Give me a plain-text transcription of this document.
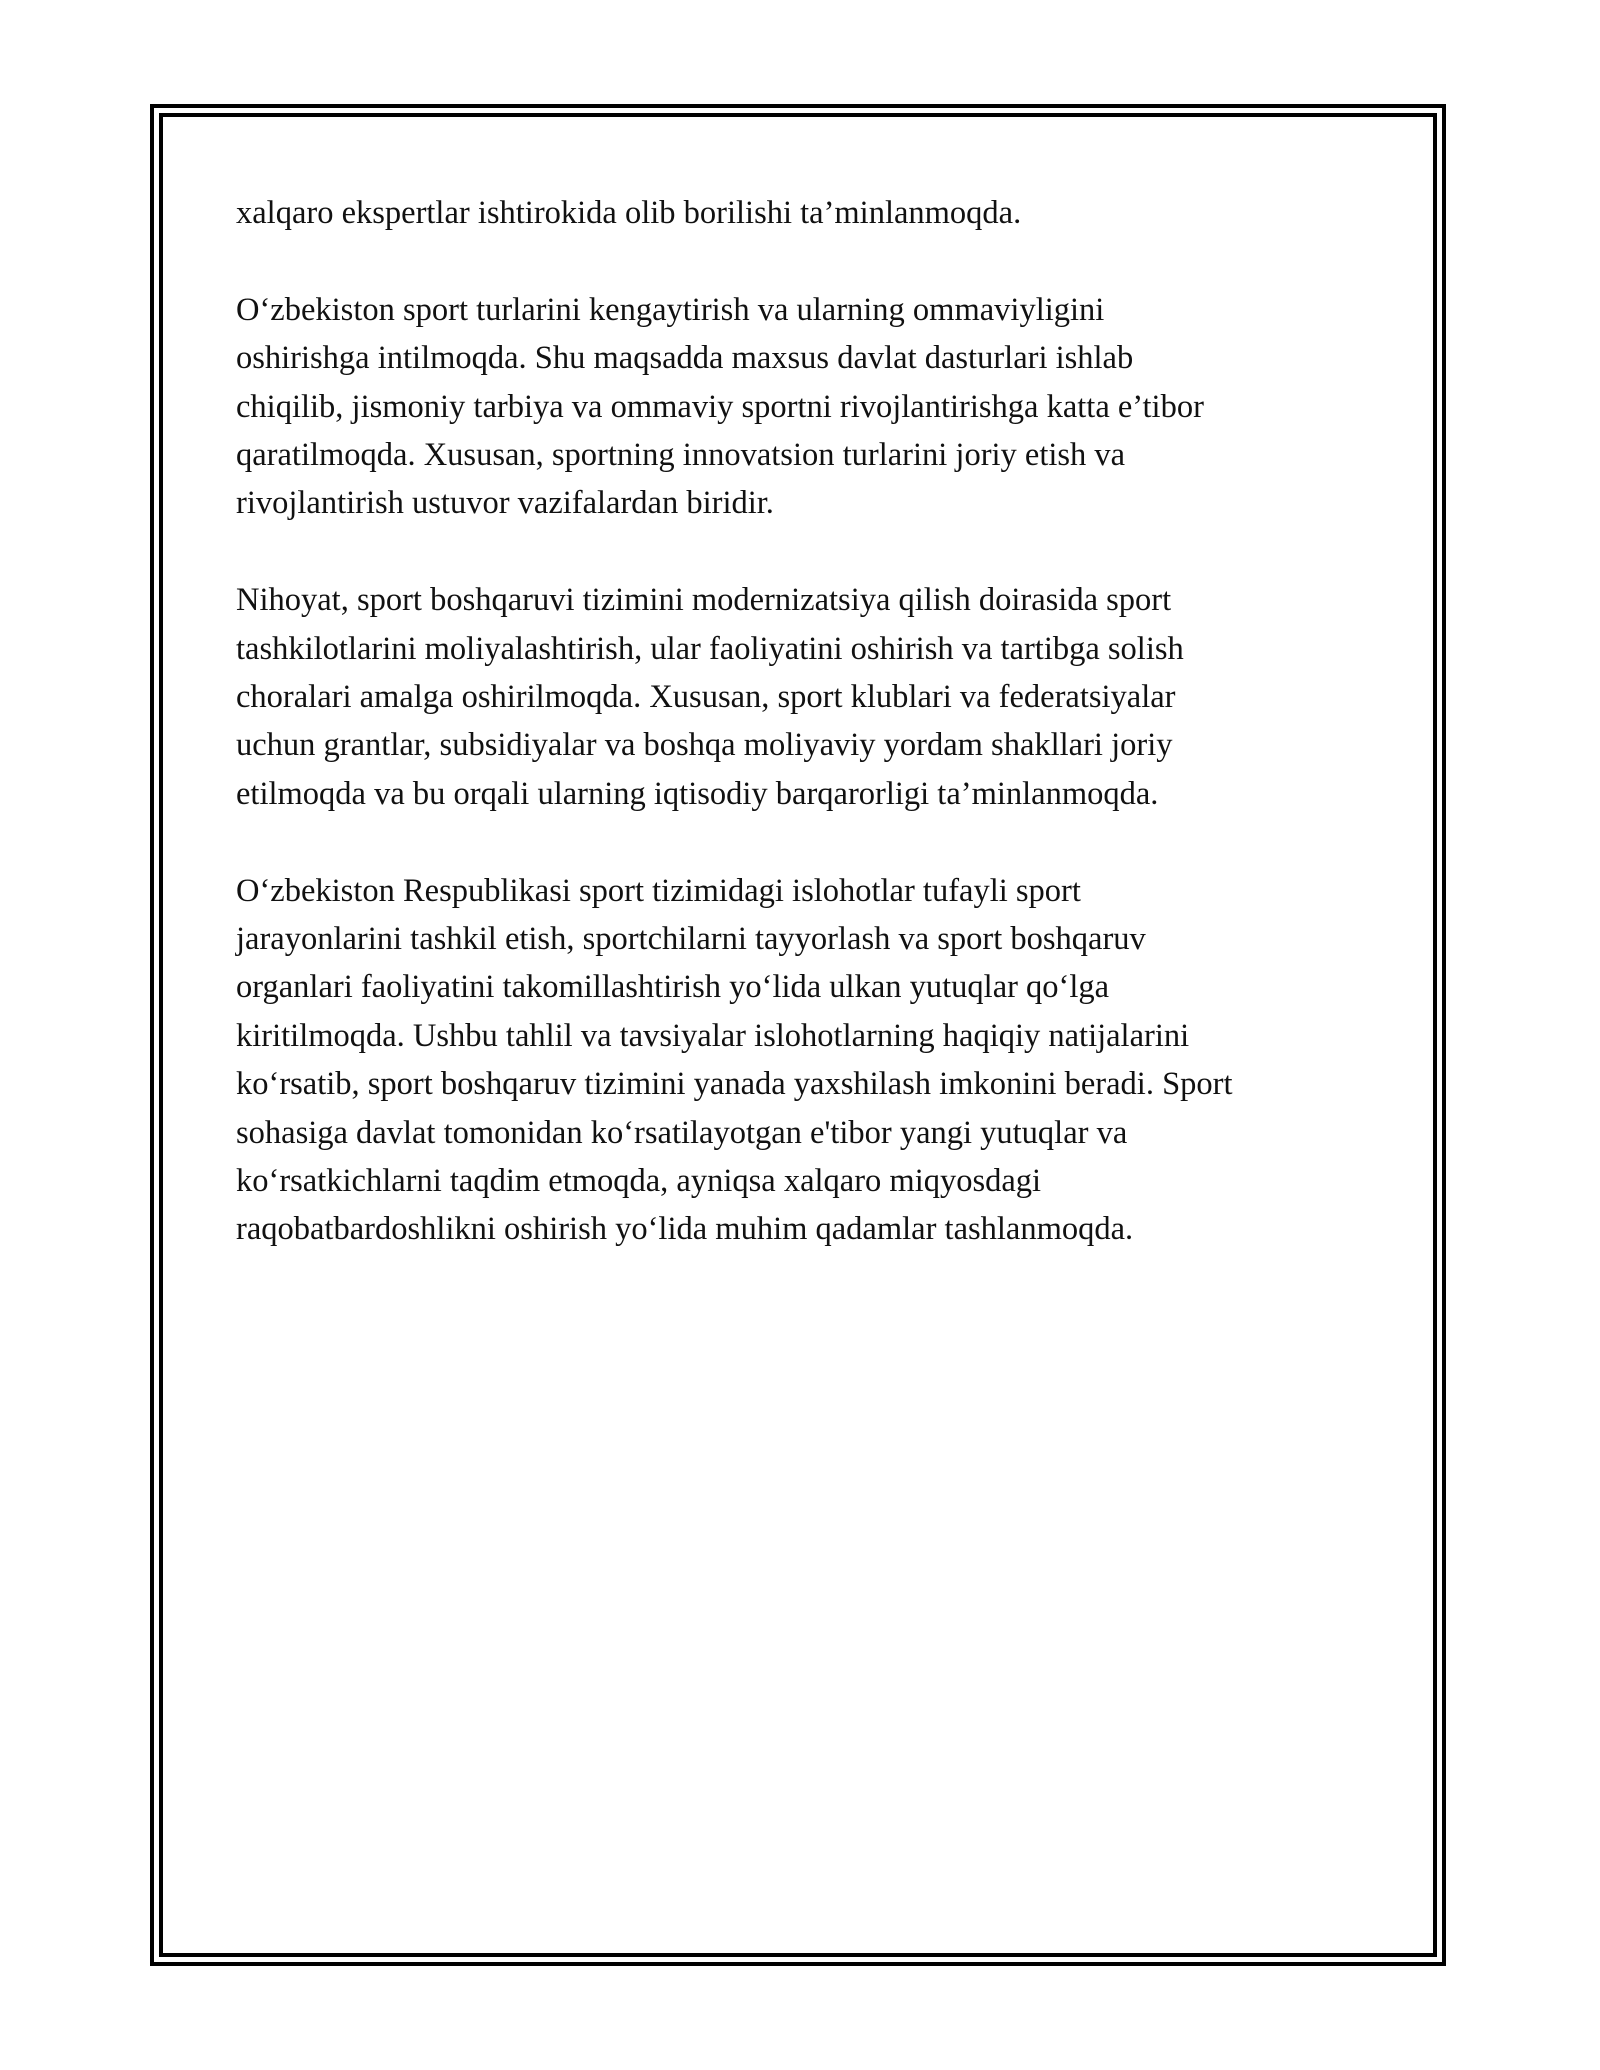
xalqaro ekspertlar ishtirokida olib borilishi ta’minlanmoqda.

O‘zbekiston sport turlarini kengaytirish va ularning ommaviyligini
oshirishga intilmoqda. Shu maqsadda maxsus davlat dasturlari ishlab
chiqilib, jismoniy tarbiya va ommaviy sportni rivojlantirishga katta e’tibor
qaratilmoqda. Xususan, sportning innovatsion turlarini joriy etish va
rivojlantirish ustuvor vazifalardan biridir.

Nihoyat, sport boshqaruvi tizimini modernizatsiya qilish doirasida sport
tashkilotlarini moliyalashtirish, ular faoliyatini oshirish va tartibga solish
choralari amalga oshirilmoqda. Xususan, sport klublari va federatsiyalar
uchun grantlar, subsidiyalar va boshqa moliyaviy yordam shakllari joriy
etilmoqda va bu orqali ularning iqtisodiy barqarorligi ta’minlanmoqda.

O‘zbekiston Respublikasi sport tizimidagi islohotlar tufayli sport
jarayonlarini tashkil etish, sportchilarni tayyorlash va sport boshqaruv
organlari faoliyatini takomillashtirish yo‘lida ulkan yutuqlar qo‘lga
kiritilmoqda. Ushbu tahlil va tavsiyalar islohotlarning haqiqiy natijalarini
ko‘rsatib, sport boshqaruv tizimini yanada yaxshilash imkonini beradi. Sport
sohasiga davlat tomonidan ko‘rsatilayotgan e'tibor yangi yutuqlar va
ko‘rsatkichlarni taqdim etmoqda, ayniqsa xalqaro miqyosdagi
raqobatbardoshlikni oshirish yo‘lida muhim qadamlar tashlanmoqda.
